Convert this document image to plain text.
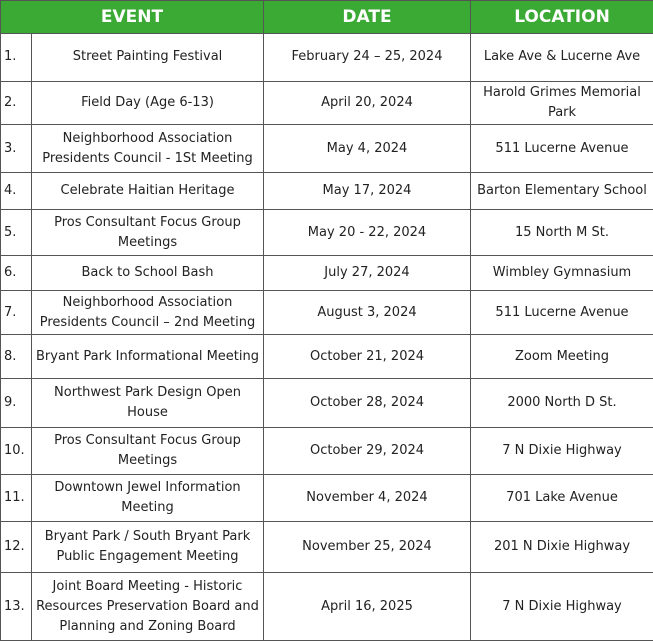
EVENT		DATE	LOCATION
1.	Street Painting Festival	February 24 – 25, 2024	Lake Ave & Lucerne Ave
2.	Field Day (Age 6-13)	April 20, 2024	Harold Grimes Memorial Park
3.	Neighborhood Association Presidents Council - 1St Meeting	May 4, 2024	511 Lucerne Avenue
4.	Celebrate Haitian Heritage	May 17, 2024	Barton Elementary School
5.	Pros Consultant Focus Group Meetings	May 20 - 22, 2024	15 North M St.
6.	Back to School Bash	July 27, 2024	Wimbley Gymnasium
7.	Neighborhood Association Presidents Council – 2nd Meeting	August 3, 2024	511 Lucerne Avenue
8.	Bryant Park Informational Meeting	October 21, 2024	Zoom Meeting
9.	Northwest Park Design Open House	October 28, 2024	2000 North D St.
10.	Pros Consultant Focus Group Meetings	October 29, 2024	7 N Dixie Highway
11.	Downtown Jewel Information Meeting	November 4, 2024	701 Lake Avenue
12.	Bryant Park / South Bryant Park Public Engagement Meeting	November 25, 2024	201 N Dixie Highway
13.	Joint Board Meeting - Historic Resources Preservation Board and Planning and Zoning Board	April 16, 2025	7 N Dixie Highway
